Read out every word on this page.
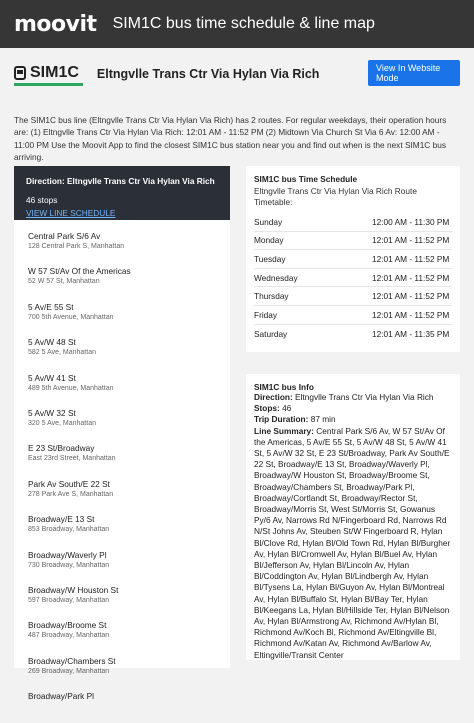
moovit SIM1C bus time schedule & line map
SIM1C Eltngvlle Trans Ctr Via Hylan Via Rich	View In Website Mode

The SIM1C bus line (Eltngvlle Trans Ctr Via Hylan Via Rich) has 2 routes. For regular weekdays, their operation hours are: (1) Eltngvlle Trans Ctr Via Hylan Via Rich: 12:01 AM - 11:52 PM (2) Midtown Via Church St Via 6 Av: 12:00 AM - 11:00 PM Use the Moovit App to find the closest SIM1C bus station near you and find out when is the next SIM1C bus arriving.

Direction: Eltngvlle Trans Ctr Via Hylan Via Rich
46 stops
VIEW LINE SCHEDULE
Central Park S/6 Av
128 Central Park S, Manhattan
W 57 St/Av Of the Americas
52 W 57 St, Manhattan
5 Av/E 55 St
700 5th Avenue, Manhattan
5 Av/W 48 St
582 5 Ave, Manhattan
5 Av/W 41 St
489 5th Avenue, Manhattan
5 Av/W 32 St
320 5 Ave, Manhattan
E 23 St/Broadway
East 23rd Street, Manhattan
Park Av South/E 22 St
278 Park Ave S, Manhattan
Broadway/E 13 St
853 Broadway, Manhattan
Broadway/Waverly Pl
730 Broadway, Manhattan
Broadway/W Houston St
597 Broadway, Manhattan
Broadway/Broome St
487 Broadway, Manhattan
Broadway/Chambers St
269 Broadway, Manhattan
Broadway/Park Pl
SIM1C bus Time Schedule
Eltngvlle Trans Ctr Via Hylan Via Rich Route Timetable:
Sunday	12:00 AM - 11:30 PM
Monday	12:01 AM - 11:52 PM
Tuesday	12:01 AM - 11:52 PM
Wednesday	12:01 AM - 11:52 PM
Thursday	12:01 AM - 11:52 PM
Friday	12:01 AM - 11:52 PM
Saturday	12:01 AM - 11:35 PM
SIM1C bus Info
Direction: Eltngvlle Trans Ctr Via Hylan Via Rich
Stops: 46
Trip Duration: 87 min
Line Summary: Central Park S/6 Av, W 57 St/Av Of the Americas, 5 Av/E 55 St, 5 Av/W 48 St, 5 Av/W 41 St, 5 Av/W 32 St, E 23 St/Broadway, Park Av South/E 22 St, Broadway/E 13 St, Broadway/Waverly Pl, Broadway/W Houston St, Broadway/Broome St, Broadway/Chambers St, Broadway/Park Pl, Broadway/Cortlandt St, Broadway/Rector St, Broadway/Morris St, West St/Morris St, Gowanus Py/6 Av, Narrows Rd N/Fingerboard Rd, Narrows Rd N/St Johns Av, Steuben St/W Fingerboard R, Hylan Bl/Clove Rd, Hylan Bl/Old Town Rd, Hylan Bl/Burgher Av, Hylan Bl/Cromwell Av, Hylan Bl/Buel Av, Hylan Bl/Jefferson Av, Hylan Bl/Lincoln Av, Hylan Bl/Coddington Av, Hylan Bl/Lindbergh Av, Hylan Bl/Tysens La, Hylan Bl/Guyon Av, Hylan Bl/Montreal Av, Hylan Bl/Buffalo St, Hylan Bl/Bay Ter, Hylan Bl/Keegans La, Hylan Bl/Hillside Ter, Hylan Bl/Nelson Av, Hylan Bl/Armstrong Av, Richmond Av/Hylan Bl, Richmond Av/Koch Bl, Richmond Av/Eltingville Bl, Richmond Av/Katan Av, Richmond Av/Barlow Av, Eltingville/Transit Center
